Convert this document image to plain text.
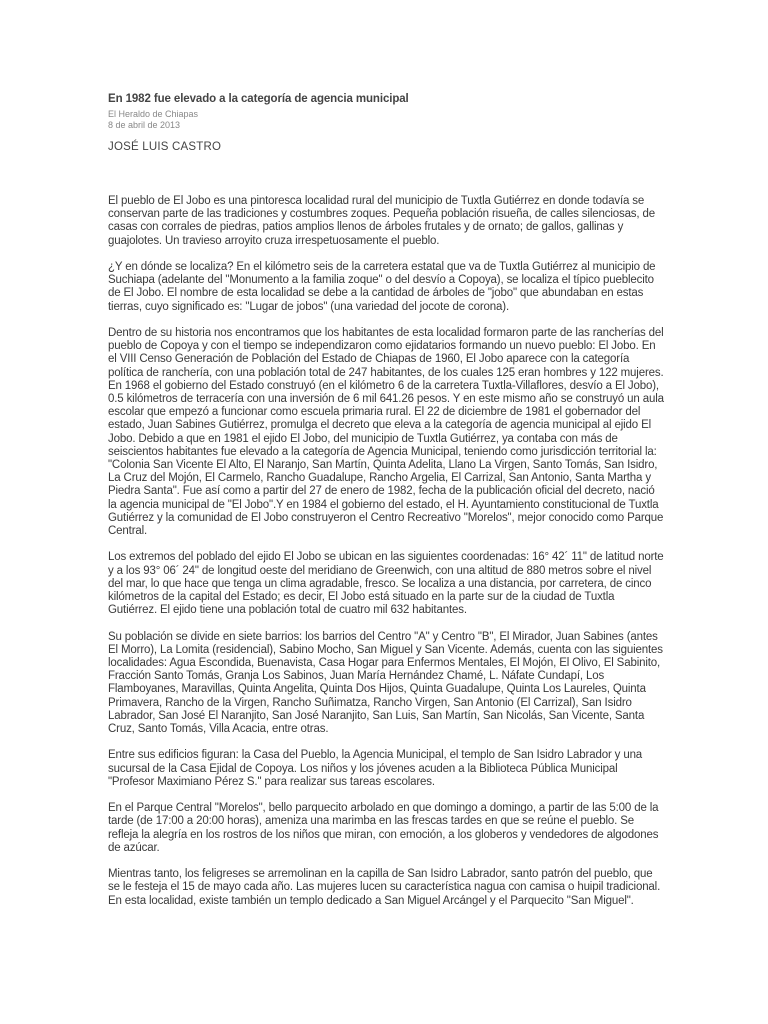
En 1982 fue elevado a la categoría de agencia municipal
El Heraldo de Chiapas
8 de abril de 2013
JOSÉ LUIS CASTRO

El pueblo de El Jobo es una pintoresca localidad rural del municipio de Tuxtla Gutiérrez en donde todavía se conservan parte de las tradiciones y costumbres zoques. Pequeña población risueña, de calles silenciosas, de casas con corrales de piedras, patios amplios llenos de árboles frutales y de ornato; de gallos, gallinas y guajolotes. Un travieso arroyito cruza irrespetuosamente el pueblo.

¿Y en dónde se localiza? En el kilómetro seis de la carretera estatal que va de Tuxtla Gutiérrez al municipio de Suchiapa (adelante del "Monumento a la familia zoque" o del desvío a Copoya), se localiza el típico pueblecito de El Jobo. El nombre de esta localidad se debe a la cantidad de árboles de "jobo" que abundaban en estas tierras, cuyo significado es: "Lugar de jobos" (una variedad del jocote de corona).

Dentro de su historia nos encontramos que los habitantes de esta localidad formaron parte de las rancherías del pueblo de Copoya y con el tiempo se independizaron como ejidatarios formando un nuevo pueblo: El Jobo. En el VIII Censo Generación de Población del Estado de Chiapas de 1960, El Jobo aparece con la categoría política de ranchería, con una población total de 247 habitantes, de los cuales 125 eran hombres y 122 mujeres. En 1968 el gobierno del Estado construyó (en el kilómetro 6 de la carretera Tuxtla-Villaflores, desvío a El Jobo), 0.5 kilómetros de terracería con una inversión de 6 mil 641.26 pesos. Y en este mismo año se construyó un aula escolar que empezó a funcionar como escuela primaria rural. El 22 de diciembre de 1981 el gobernador del estado, Juan Sabines Gutiérrez, promulga el decreto que eleva a la categoría de agencia municipal al ejido El Jobo. Debido a que en 1981 el ejido El Jobo, del municipio de Tuxtla Gutiérrez, ya contaba con más de seiscientos habitantes fue elevado a la categoría de Agencia Municipal, teniendo como jurisdicción territorial la: "Colonia San Vicente El Alto, El Naranjo, San Martín, Quinta Adelita, Llano La Virgen, Santo Tomás, San Isidro, La Cruz del Mojón, El Carmelo, Rancho Guadalupe, Rancho Argelia, El Carrizal, San Antonio, Santa Martha y Piedra Santa". Fue así como a partir del 27 de enero de 1982, fecha de la publicación oficial del decreto, nació la agencia municipal de "El Jobo".Y en 1984 el gobierno del estado, el H. Ayuntamiento constitucional de Tuxtla Gutiérrez y la comunidad de El Jobo construyeron el Centro Recreativo "Morelos", mejor conocido como Parque Central.

Los extremos del poblado del ejido El Jobo se ubican en las siguientes coordenadas: 16° 42´ 11" de latitud norte y a los 93° 06´ 24" de longitud oeste del meridiano de Greenwich, con una altitud de 880 metros sobre el nivel del mar, lo que hace que tenga un clima agradable, fresco. Se localiza a una distancia, por carretera, de cinco kilómetros de la capital del Estado; es decir, El Jobo está situado en la parte sur de la ciudad de Tuxtla Gutiérrez. El ejido tiene una población total de cuatro mil 632 habitantes.

Su población se divide en siete barrios: los barrios del Centro "A" y Centro "B", El Mirador, Juan Sabines (antes El Morro), La Lomita (residencial), Sabino Mocho, San Miguel y San Vicente. Además, cuenta con las siguientes localidades: Agua Escondida, Buenavista, Casa Hogar para Enfermos Mentales, El Mojón, El Olivo, El Sabinito, Fracción Santo Tomás, Granja Los Sabinos, Juan María Hernández Chamé, L. Náfate Cundapí, Los Flamboyanes, Maravillas, Quinta Angelita, Quinta Dos Hijos, Quinta Guadalupe, Quinta Los Laureles, Quinta Primavera, Rancho de la Virgen, Rancho Suñimatza, Rancho Virgen, San Antonio (El Carrizal), San Isidro Labrador, San José El Naranjito, San José Naranjito, San Luis, San Martín, San Nicolás, San Vicente, Santa Cruz, Santo Tomás, Villa Acacia, entre otras.

Entre sus edificios figuran: la Casa del Pueblo, la Agencia Municipal, el templo de San Isidro Labrador y una sucursal de la Casa Ejidal de Copoya. Los niños y los jóvenes acuden a la Biblioteca Pública Municipal "Profesor Maximiano Pérez S." para realizar sus tareas escolares.

En el Parque Central "Morelos", bello parquecito arbolado en que domingo a domingo, a partir de las 5:00 de la tarde (de 17:00 a 20:00 horas), ameniza una marimba en las frescas tardes en que se reúne el pueblo. Se refleja la alegría en los rostros de los niños que miran, con emoción, a los globeros y vendedores de algodones de azúcar.

Mientras tanto, los feligreses se arremolinan en la capilla de San Isidro Labrador, santo patrón del pueblo, que se le festeja el 15 de mayo cada año. Las mujeres lucen su característica nagua con camisa o huipil tradicional. En esta localidad, existe también un templo dedicado a San Miguel Arcángel y el Parquecito "San Miguel".
